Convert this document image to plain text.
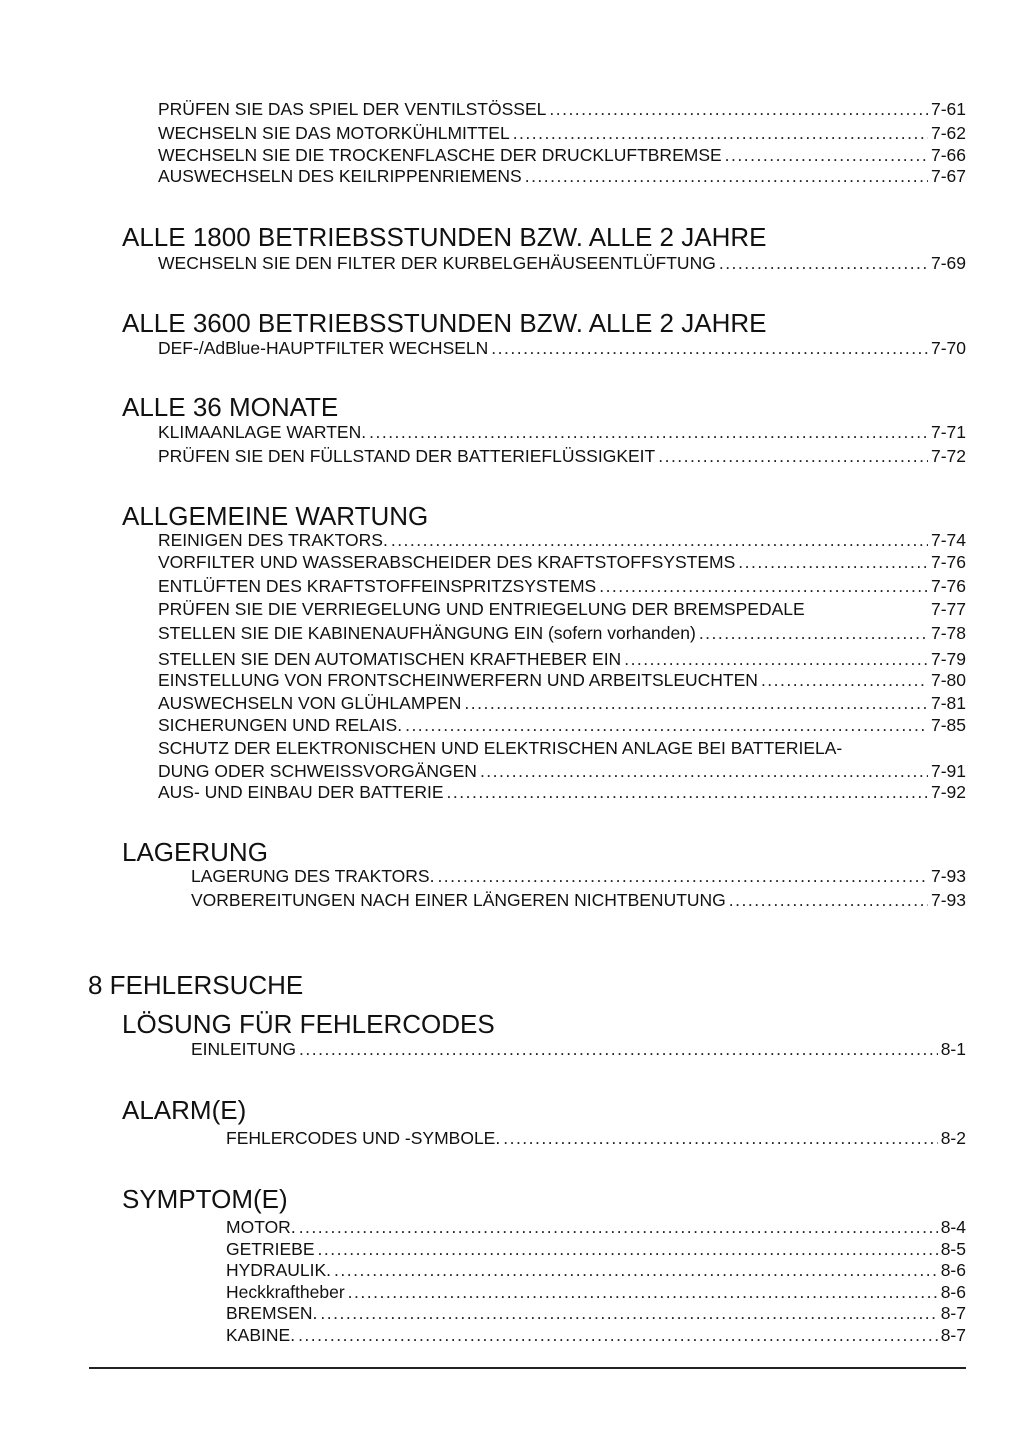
PRÜFEN SIE DAS SPIEL DER VENTILSTÖSSEL .....	7-61
WECHSELN SIE DAS MOTORKÜHLMITTEL .....	7-62
WECHSELN SIE DIE TROCKENFLASCHE DER DRUCKLUFTBREMSE .....	7-66
AUSWECHSELN DES KEILRIPPENRIEMENS .....	7-67
ALLE 1800 BETRIEBSSTUNDEN BZW. ALLE 2 JAHRE
WECHSELN SIE DEN FILTER DER KURBELGEHÄUSEENTLÜFTUNG .....	7-69
ALLE 3600 BETRIEBSSTUNDEN BZW. ALLE 2 JAHRE
DEF-/AdBlue-HAUPTFILTER WECHSELN .....	7-70
ALLE 36 MONATE
KLIMAANLAGE WARTEN. .....	7-71
PRÜFEN SIE DEN FÜLLSTAND DER BATTERIEFLÜSSIGKEIT .....	7-72
ALLGEMEINE WARTUNG
REINIGEN DES TRAKTORS. .....	7-74
VORFILTER UND WASSERABSCHEIDER DES KRAFTSTOFFSYSTEMS .....	7-76
ENTLÜFTEN DES KRAFTSTOFFEINSPRITZSYSTEMS .....	7-76
PRÜFEN SIE DIE VERRIEGELUNG UND ENTRIEGELUNG DER BREMSPEDALE	7-77
STELLEN SIE DIE KABINENAUFHÄNGUNG EIN (sofern vorhanden) .....	7-78
STELLEN SIE DEN AUTOMATISCHEN KRAFTHEBER EIN .....	7-79
EINSTELLUNG VON FRONTSCHEINWERFERN UND ARBEITSLEUCHTEN .....	7-80
AUSWECHSELN VON GLÜHLAMPEN .....	7-81
SICHERUNGEN UND RELAIS. .....	7-85
SCHUTZ DER ELEKTRONISCHEN UND ELEKTRISCHEN ANLAGE BEI BATTERIELA-
DUNG ODER SCHWEISSVORGÄNGEN .....	7-91
AUS- UND EINBAU DER BATTERIE .....	7-92
LAGERUNG
LAGERUNG DES TRAKTORS. .....	7-93
VORBEREITUNGEN NACH EINER LÄNGEREN NICHTBENUTUNG .....	7-93
8 FEHLERSUCHE
LÖSUNG FÜR FEHLERCODES
EINLEITUNG .....	8-1
ALARM(E)
FEHLERCODES UND -SYMBOLE. .....	8-2
SYMPTOM(E)
MOTOR. .....	8-4
GETRIEBE .....	8-5
HYDRAULIK. .....	8-6
Heckkraftheber .....	8-6
BREMSEN. .....	8-7
KABINE. .....	8-7
